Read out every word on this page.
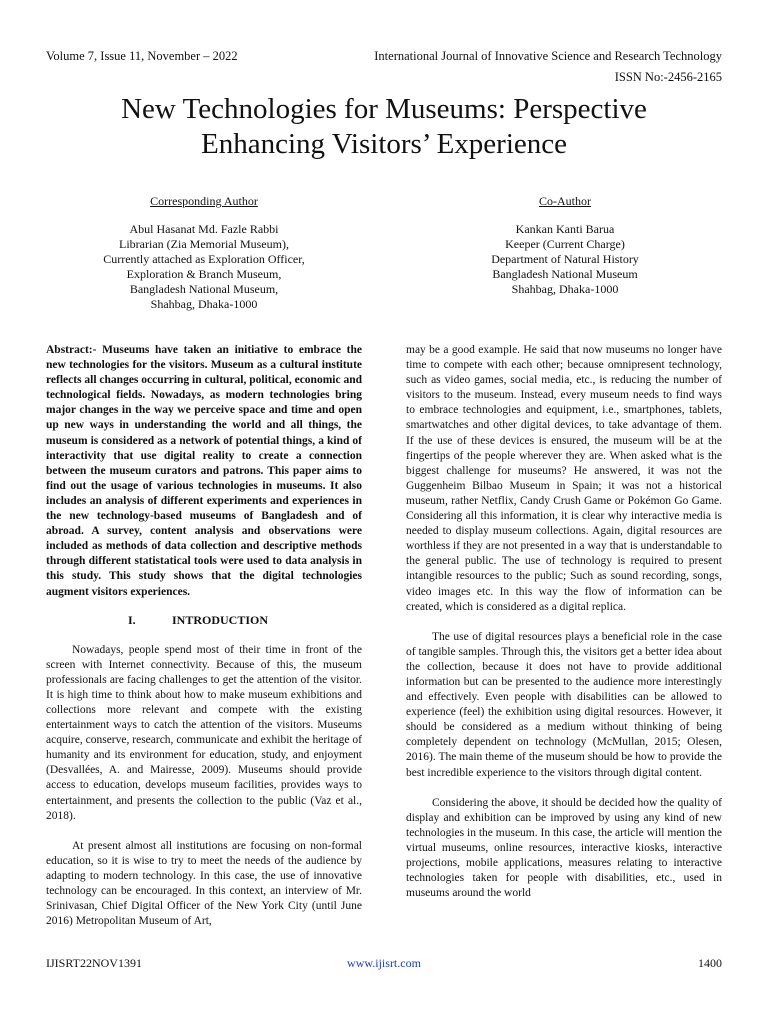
Volume 7, Issue 11, November – 2022	International Journal of Innovative Science and Research Technology
ISSN No:-2456-2165
New Technologies for Museums: Perspective
Enhancing Visitors’ Experience
Corresponding Author
Abul Hasanat Md. Fazle Rabbi
Librarian (Zia Memorial Museum),
Currently attached as Exploration Officer,
Exploration & Branch Museum,
Bangladesh National Museum,
Shahbag, Dhaka-1000
Co-Author
Kankan Kanti Barua
Keeper (Current Charge)
Department of Natural History
Bangladesh National Museum
Shahbag, Dhaka-1000

Abstract:- Museums have taken an initiative to embrace the new technologies for the visitors. Museum as a cultural institute reflects all changes occurring in cultural, political, economic and technological fields. Nowadays, as modern technologies bring major changes in the way we perceive space and time and open up new ways in understanding the world and all things, the museum is considered as a network of potential things, a kind of interactivity that use digital reality to create a connection between the museum curators and patrons. This paper aims to find out the usage of various technologies in museums. It also includes an analysis of different experiments and experiences in the new technology-based museums of Bangladesh and of abroad. A survey, content analysis and observations were included as methods of data collection and descriptive methods through different statistatical tools were used to data analysis in this study. This study shows that the digital technologies augment visitors experiences.

I.	INTRODUCTION

Nowadays, people spend most of their time in front of the screen with Internet connectivity. Because of this, the museum professionals are facing challenges to get the attention of the visitor. It is high time to think about how to make museum exhibitions and collections more relevant and compete with the existing entertainment ways to catch the attention of the visitors. Museums acquire, conserve, research, communicate and exhibit the heritage of humanity and its environment for education, study, and enjoyment (Desvallées, A. and Mairesse, 2009). Museums should provide access to education, develops museum facilities, provides ways to entertainment, and presents the collection to the public (Vaz et al., 2018).

At present almost all institutions are focusing on non-formal education, so it is wise to try to meet the needs of the audience by adapting to modern technology. In this case, the use of innovative technology can be encouraged. In this context, an interview of Mr. Srinivasan, Chief Digital Officer of the New York City (until June 2016) Metropolitan Museum of Art,

may be a good example. He said that now museums no longer have time to compete with each other; because omnipresent technology, such as video games, social media, etc., is reducing the number of visitors to the museum. Instead, every museum needs to find ways to embrace technologies and equipment, i.e., smartphones, tablets, smartwatches and other digital devices, to take advantage of them. If the use of these devices is ensured, the museum will be at the fingertips of the people wherever they are. When asked what is the biggest challenge for museums? He answered, it was not the Guggenheim Bilbao Museum in Spain; it was not a historical museum, rather Netflix, Candy Crush Game or Pokémon Go Game. Considering all this information, it is clear why interactive media is needed to display museum collections. Again, digital resources are worthless if they are not presented in a way that is understandable to the general public. The use of technology is required to present intangible resources to the public; Such as sound recording, songs, video images etc. In this way the flow of information can be created, which is considered as a digital replica.

The use of digital resources plays a beneficial role in the case of tangible samples. Through this, the visitors get a better idea about the collection, because it does not have to provide additional information but can be presented to the audience more interestingly and effectively. Even people with disabilities can be allowed to experience (feel) the exhibition using digital resources. However, it should be considered as a medium without thinking of being completely dependent on technology (McMullan, 2015; Olesen, 2016). The main theme of the museum should be how to provide the best incredible experience to the visitors through digital content.

Considering the above, it should be decided how the quality of display and exhibition can be improved by using any kind of new technologies in the museum. In this case, the article will mention the virtual museums, online resources, interactive kiosks, interactive projections, mobile applications, measures relating to interactive technologies taken for people with disabilities, etc., used in museums around the world

IJISRT22NOV1391	www.ijisrt.com	1400
